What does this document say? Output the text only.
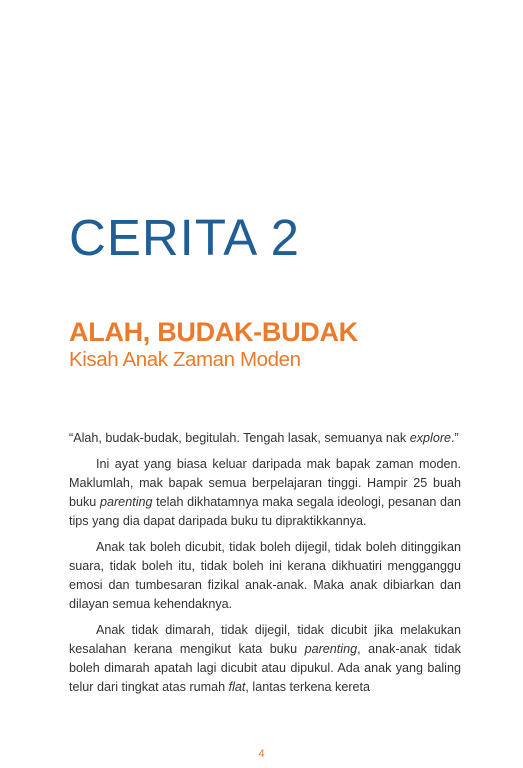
CERITA 2
ALAH, BUDAK-BUDAK
Kisah Anak Zaman Moden

“Alah, budak-budak, begitulah. Tengah lasak, semuanya nak explore.”

Ini ayat yang biasa keluar daripada mak bapak zaman moden. Maklumlah, mak bapak semua berpelajaran tinggi. Hampir 25 buah buku parenting telah dikhatamnya maka segala ideologi, pesanan dan tips yang dia dapat daripada buku tu dipraktikkannya.

Anak tak boleh dicubit, tidak boleh dijegil, tidak boleh ditinggikan suara, tidak boleh itu, tidak boleh ini kerana dikhuatiri mengganggu emosi dan tumbesaran fizikal anak-anak. Maka anak dibiarkan dan dilayan semua kehendaknya.

Anak tidak dimarah, tidak dijegil, tidak dicubit jika melakukan kesalahan kerana mengikut kata buku parenting, anak-anak tidak boleh dimarah apatah lagi dicubit atau dipukul. Ada anak yang baling telur dari tingkat atas rumah flat, lantas terkena kereta

4
